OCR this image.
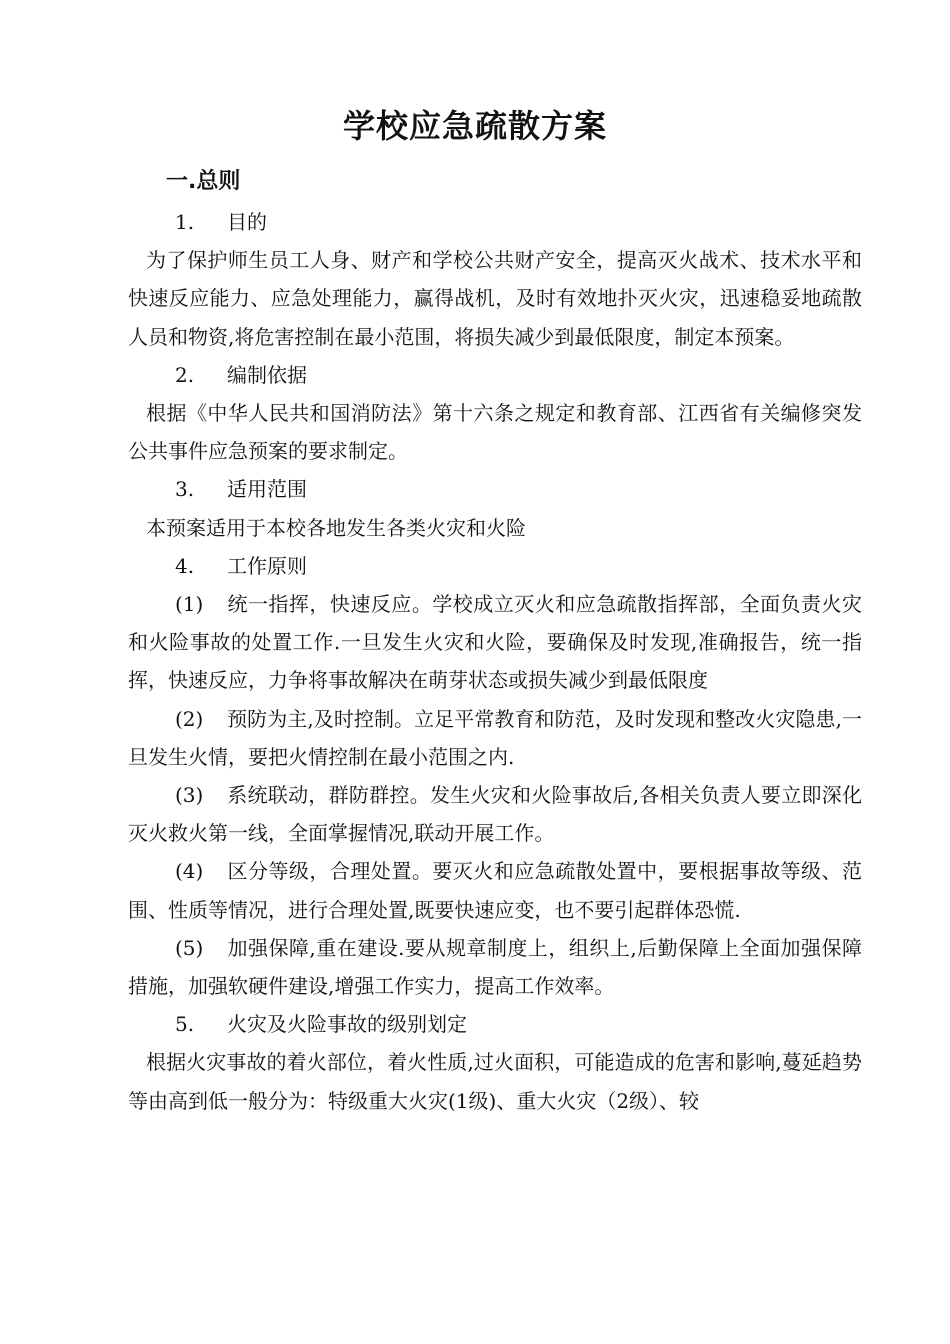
学校应急疏散方案
一.总则
1. 目的
为了保护师生员工人身、财产和学校公共财产安全，提高灭火战术、技术水平和快速反应能力、应急处理能力，赢得战机，及时有效地扑灭火灾，迅速稳妥地疏散人员和物资,将危害控制在最小范围，将损失减少到最低限度，制定本预案。
2. 编制依据
根据《中华人民共和国消防法》第十六条之规定和教育部、江西省有关编修突发公共事件应急预案的要求制定。
3. 适用范围
本预案适用于本校各地发生各类火灾和火险
4. 工作原则
(1) 统一指挥，快速反应。学校成立灭火和应急疏散指挥部，全面负责火灾和火险事故的处置工作.一旦发生火灾和火险，要确保及时发现,准确报告，统一指挥，快速反应，力争将事故解决在萌芽状态或损失减少到最低限度
(2) 预防为主,及时控制。立足平常教育和防范，及时发现和整改火灾隐患,一旦发生火情，要把火情控制在最小范围之内.
(3) 系统联动，群防群控。发生火灾和火险事故后,各相关负责人要立即深化灭火救火第一线，全面掌握情况,联动开展工作。
(4) 区分等级，合理处置。要灭火和应急疏散处置中，要根据事故等级、范围、性质等情况，进行合理处置,既要快速应变，也不要引起群体恐慌.
(5) 加强保障,重在建设.要从规章制度上，组织上,后勤保障上全面加强保障措施，加强软硬件建设,增强工作实力，提高工作效率。
5. 火灾及火险事故的级别划定
根据火灾事故的着火部位，着火性质,过火面积，可能造成的危害和影响,蔓延趋势等由高到低一般分为：特级重大火灾(1级)、重大火灾（2级）、较
